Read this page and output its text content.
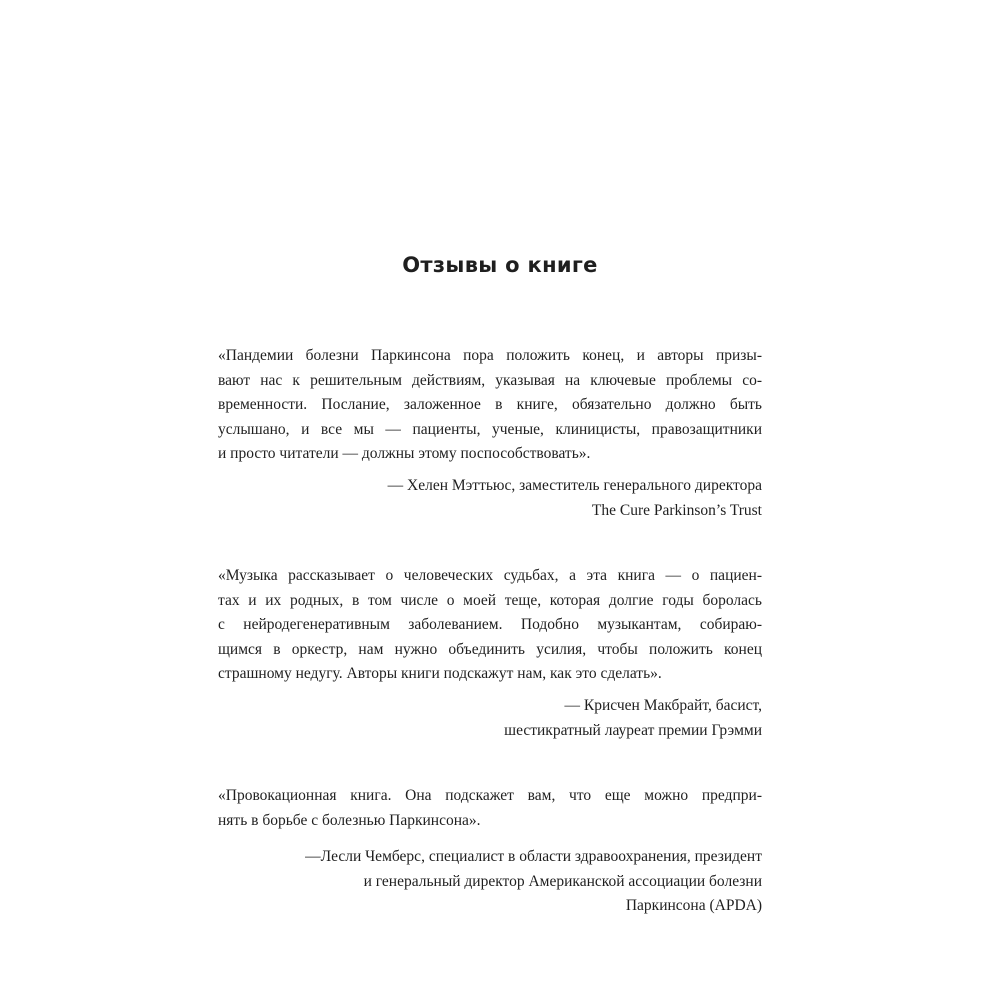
Отзывы о книге
«Пандемии болезни Паркинсона пора положить конец, и авторы призы-
вают нас к решительным действиям, указывая на ключевые проблемы со-
временности. Послание, заложенное в книге, обязательно должно быть
услышано, и все мы — пациенты, ученые, клиницисты, правозащитники
и просто читатели — должны этому поспособствовать».
— Хелен Мэттьюс, заместитель генерального директора
The Cure Parkinson’s Trust
«Музыка рассказывает о человеческих судьбах, а эта книга — о пациен-
тах и их родных, в том числе о моей теще, которая долгие годы боролась
с нейродегенеративным заболеванием. Подобно музыкантам, собираю-
щимся в оркестр, нам нужно объединить усилия, чтобы положить конец
страшному недугу. Авторы книги подскажут нам, как это сделать».
— Крисчен Макбрайт, басист,
шестикратный лауреат премии Грэмми
«Провокационная книга. Она подскажет вам, что еще можно предпри-
нять в борьбе с болезнью Паркинсона».
—Лесли Чемберс, специалист в области здравоохранения, президент
и генеральный директор Американской ассоциации болезни
Паркинсона (APDA)
